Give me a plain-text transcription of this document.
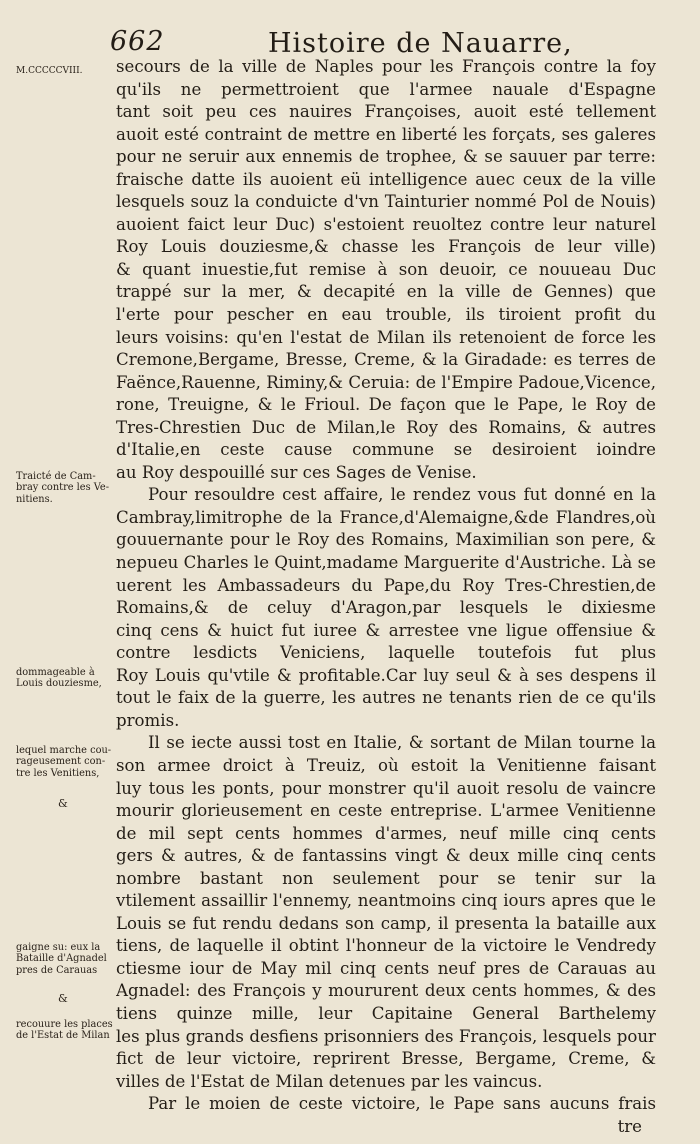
662	Histoire de Nauarre,
M.CCCCCVIII.
Traicté de Cam-
bray contre les Ve-
nitiens.
dommageable à
Louis douziesme,
lequel marche cou-
rageusement con-
tre les Venitiens,
&
gaigne su: eux la
Bataille d'Agnadel
pres de Carauas
&
recouure les places
de l'Estat de Milan
secours de la ville de Naples pour les François contre la foy
qu'ils ne permettroient que l'armee nauale d'Espagne
tant soit peu ces nauires Françoises, auoit esté tellement
auoit esté contraint de mettre en liberté les forçats, ses galeres
pour ne seruir aux ennemis de trophee, & se sauuer par terre:
fraische datte ils auoient eü intelligence auec ceux de la ville
lesquels souz la conduicte d'vn Tainturier nommé Pol de Nouis)
auoient faict leur Duc) s'estoient reuoltez contre leur naturel
Roy Louis douziesme,& chasse les François de leur ville)
& quant inuestie,fut remise à son deuoir, ce nouueau Duc
trappé sur la mer, & decapité en la ville de Gennes) que
l'erte pour pescher en eau trouble, ils tiroient profit du
leurs voisins: qu'en l'estat de Milan ils retenoient de force les
Cremone,Bergame, Bresse, Creme, & la Giradade: es terres de
Faënce,Rauenne, Riminy,& Ceruia: de l'Empire Padoue,Vicence,
rone, Treuigne, & le Frioul. De façon que le Pape, le Roy de
Tres-Chrestien Duc de Milan,le Roy des Romains, & autres
d'Italie,en ceste cause commune se desiroient ioindre
au Roy despouillé sur ces Sages de Venise.
Pour resouldre cest affaire, le rendez vous fut donné en la
Cambray,limitrophe de la France,d'Alemaigne,&de Flandres,où
gouuernante pour le Roy des Romains, Maximilian son pere, &
nepueu Charles le Quint,madame Marguerite d'Austriche. Là se
uerent les Ambassadeurs du Pape,du Roy Tres-Chrestien,de
Romains,& de celuy d'Aragon,par lesquels le dixiesme
cinq cens & huict fut iuree & arrestee vne ligue offensiue &
contre lesdicts Veniciens, laquelle toutefois fut plus
Roy Louis qu'vtile & profitable.Car luy seul & à ses despens il
tout le faix de la guerre, les autres ne tenants rien de ce qu'ils
promis.
Il se iecte aussi tost en Italie, & sortant de Milan tourne la
son armee droict à Treuiz, où estoit la Venitienne faisant
luy tous les ponts, pour monstrer qu'il auoit resolu de vaincre
mourir glorieusement en ceste entreprise. L'armee Venitienne
de mil sept cents hommes d'armes, neuf mille cinq cents
gers & autres, & de fantassins vingt & deux mille cinq cents
nombre bastant non seulement pour se tenir sur la
vtilement assaillir l'ennemy, neantmoins cinq iours apres que le
Louis se fut rendu dedans son camp, il presenta la bataille aux
tiens, de laquelle il obtint l'honneur de la victoire le Vendredy
ctiesme iour de May mil cinq cents neuf pres de Carauas au
Agnadel: des François y moururent deux cents hommes, & des
tiens quinze mille, leur Capitaine General Barthelemy
les plus grands desfiens prisonniers des François, lesquels pour
fict de leur victoire, reprirent Bresse, Bergame, Creme, &
villes de l'Estat de Milan detenues par les vaincus.
Par le moien de ceste victoire, le Pape sans aucuns frais
tre
